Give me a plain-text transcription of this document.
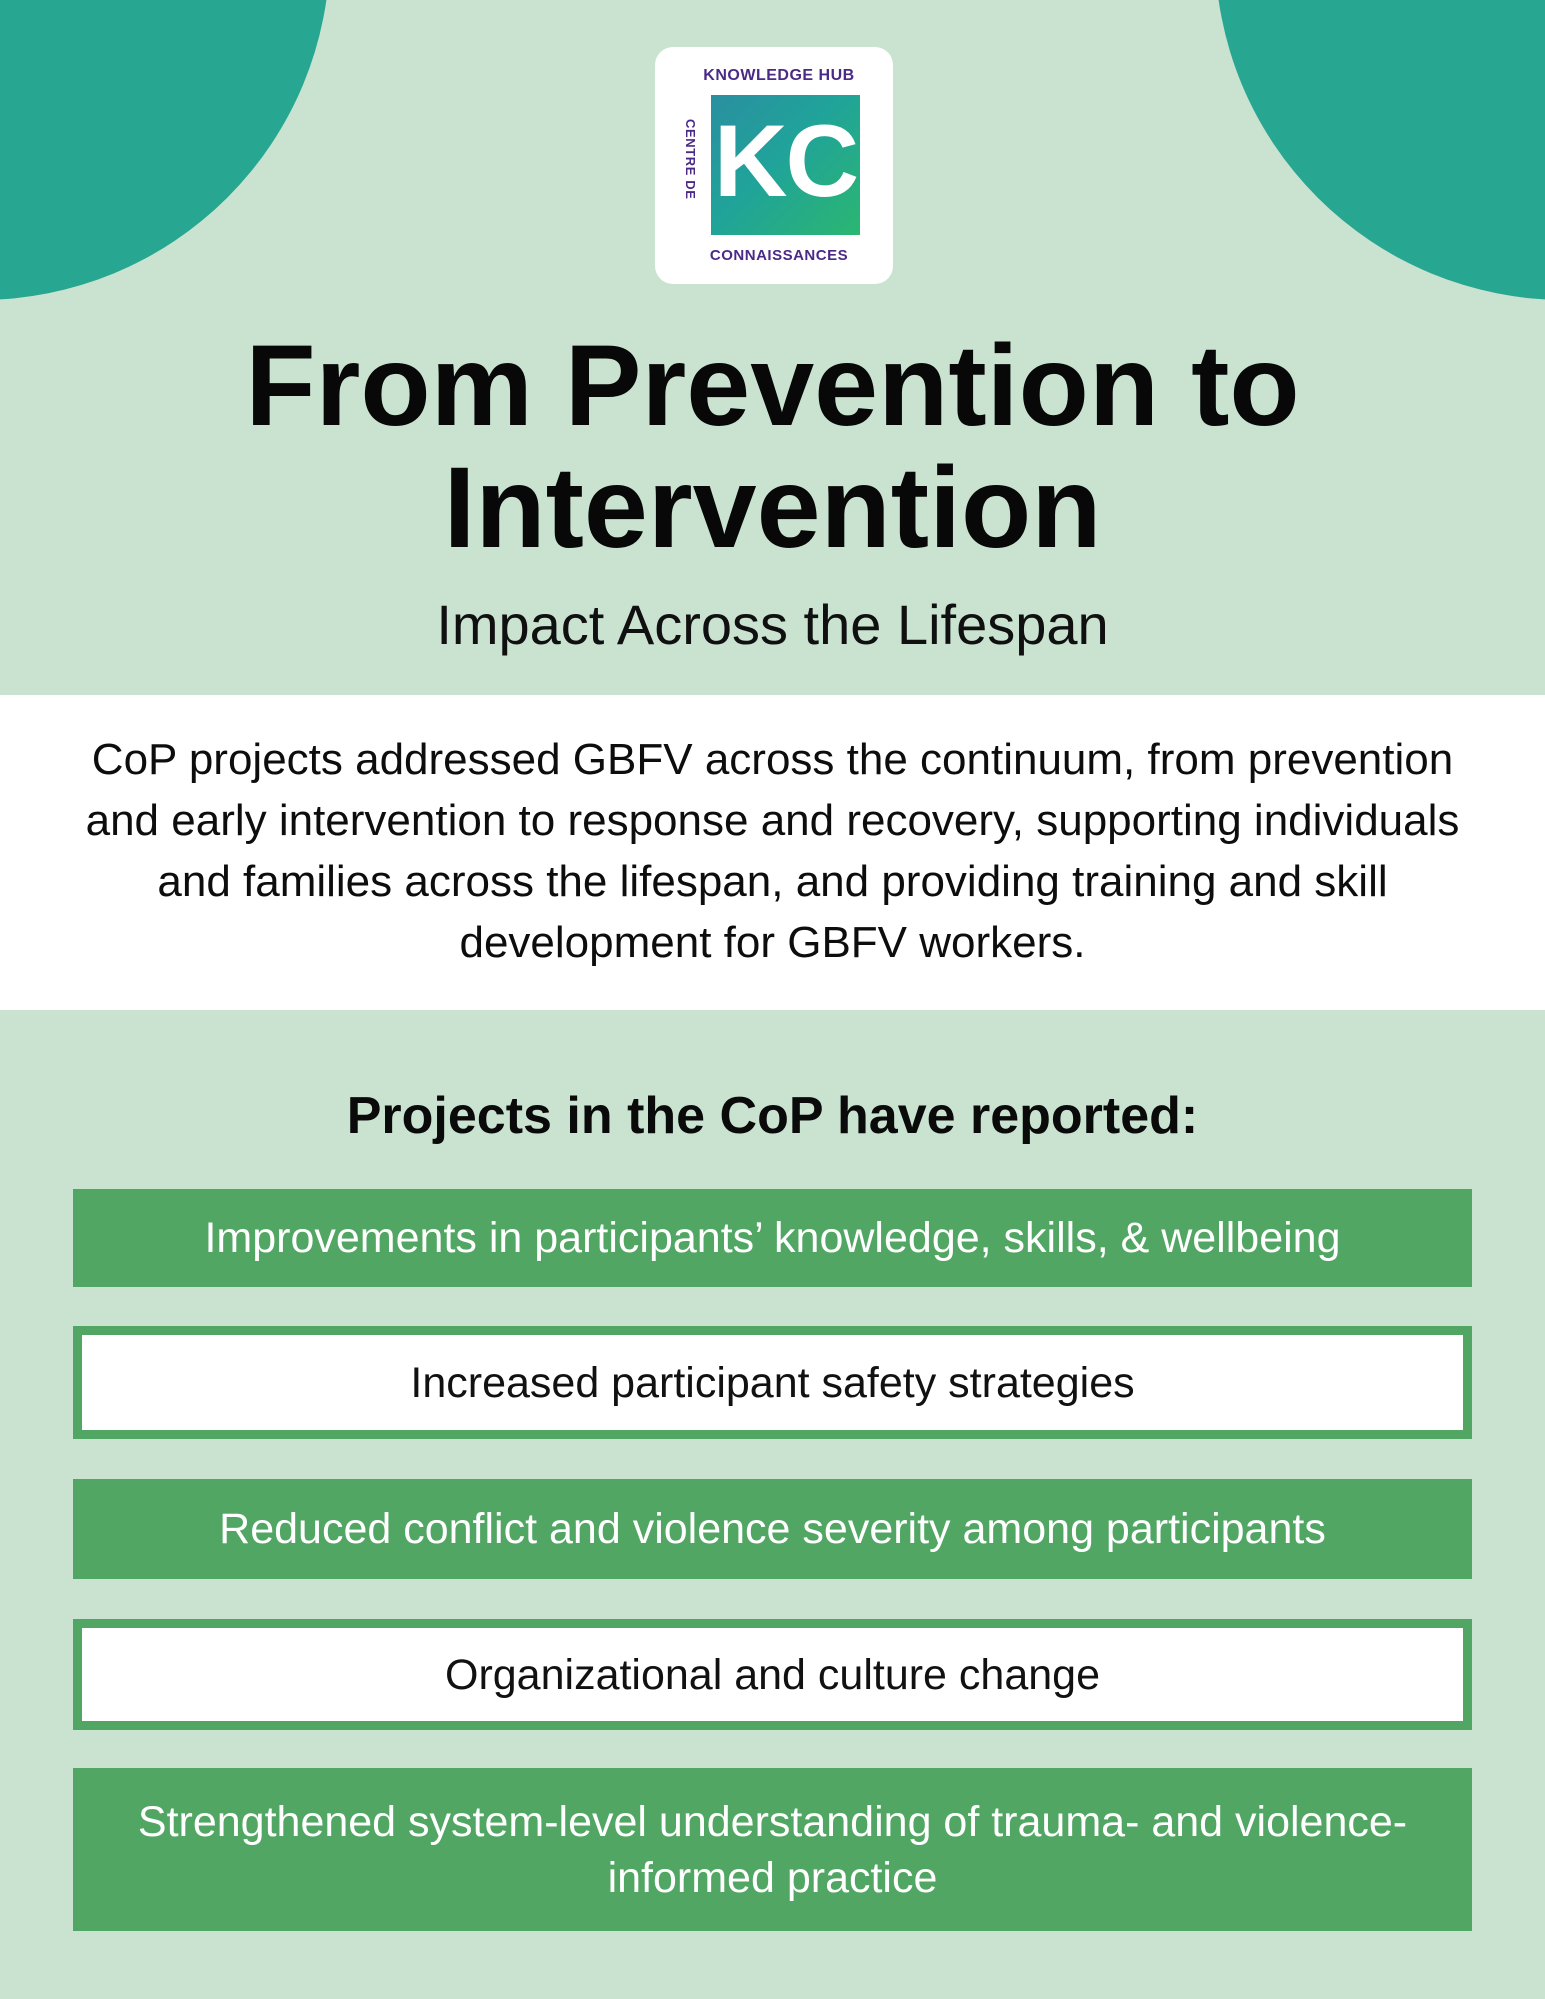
KNOWLEDGE HUB
CENTRE DE KC
CONNAISSANCES
From Prevention to Intervention
Impact Across the Lifespan
CoP projects addressed GBFV across the continuum, from prevention and early intervention to response and recovery, supporting individuals and families across the lifespan, and providing training and skill development for GBFV workers.
Projects in the CoP have reported:
Improvements in participants’ knowledge, skills, & wellbeing
Increased participant safety strategies
Reduced conflict and violence severity among participants
Organizational and culture change
Strengthened system-level understanding of trauma- and violence-informed practice
